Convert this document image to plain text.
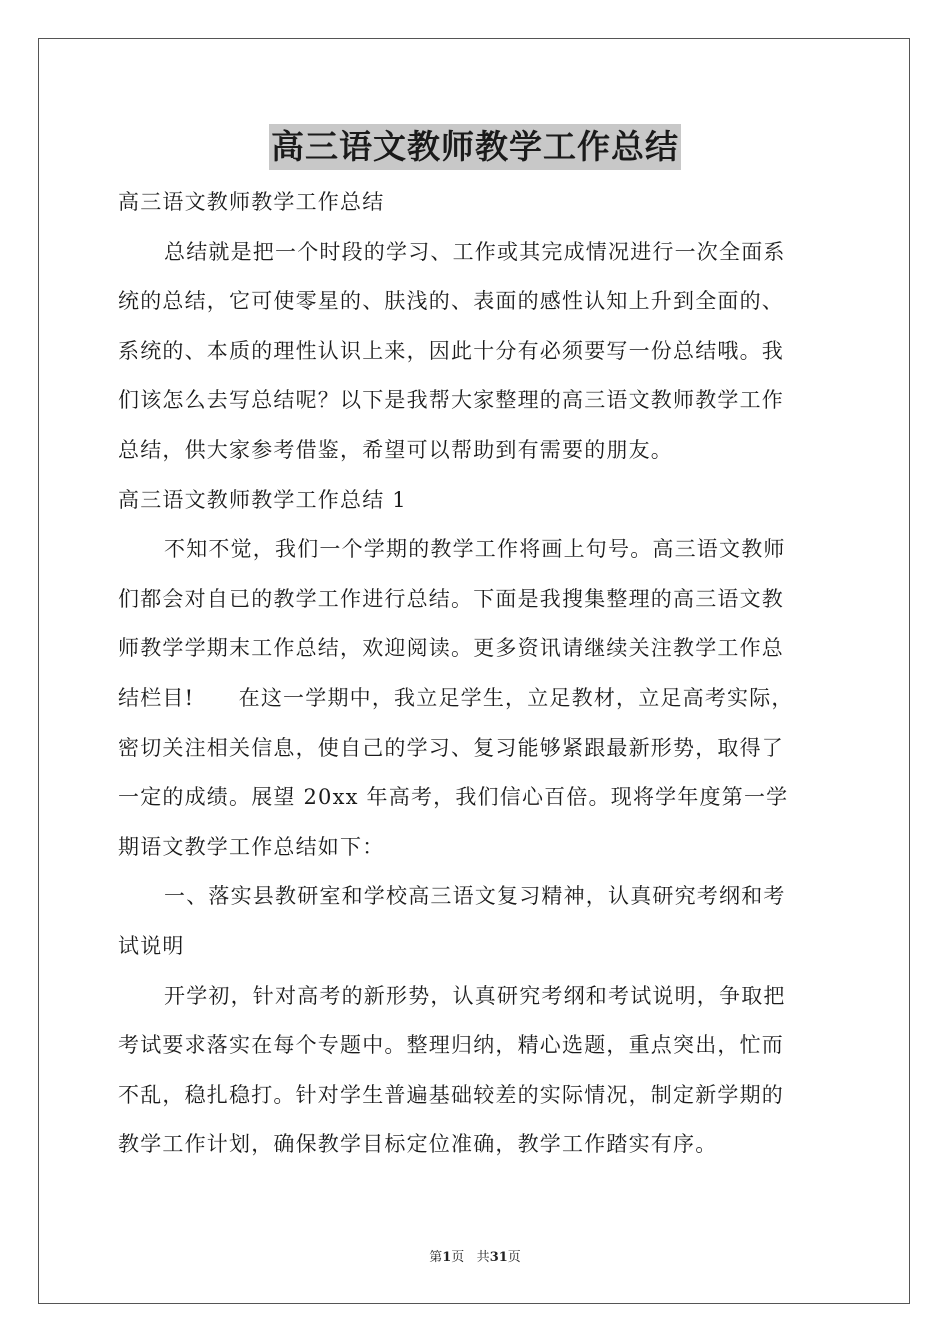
高三语文教师教学工作总结
高三语文教师教学工作总结
总结就是把一个时段的学习、工作或其完成情况进行一次全面系
统的总结，它可使零星的、肤浅的、表面的感性认知上升到全面的、
系统的、本质的理性认识上来，因此十分有必须要写一份总结哦。我
们该怎么去写总结呢？以下是我帮大家整理的高三语文教师教学工作
总结，供大家参考借鉴，希望可以帮助到有需要的朋友。
高三语文教师教学工作总结 1
不知不觉，我们一个学期的教学工作将画上句号。高三语文教师
们都会对自已的教学工作进行总结。下面是我搜集整理的高三语文教
师教学学期末工作总结，欢迎阅读。更多资讯请继续关注教学工作总
结栏目!　　在这一学期中，我立足学生，立足教材，立足高考实际，
密切关注相关信息，使自己的学习、复习能够紧跟最新形势，取得了
一定的成绩。展望 20xx 年高考，我们信心百倍。现将学年度第一学
期语文教学工作总结如下：
一、落实县教研室和学校高三语文复习精神，认真研究考纲和考
试说明
开学初，针对高考的新形势，认真研究考纲和考试说明，争取把
考试要求落实在每个专题中。整理归纳，精心选题，重点突出，忙而
不乱，稳扎稳打。针对学生普遍基础较差的实际情况，制定新学期的
教学工作计划，确保教学目标定位准确，教学工作踏实有序。
第1页 共31页
